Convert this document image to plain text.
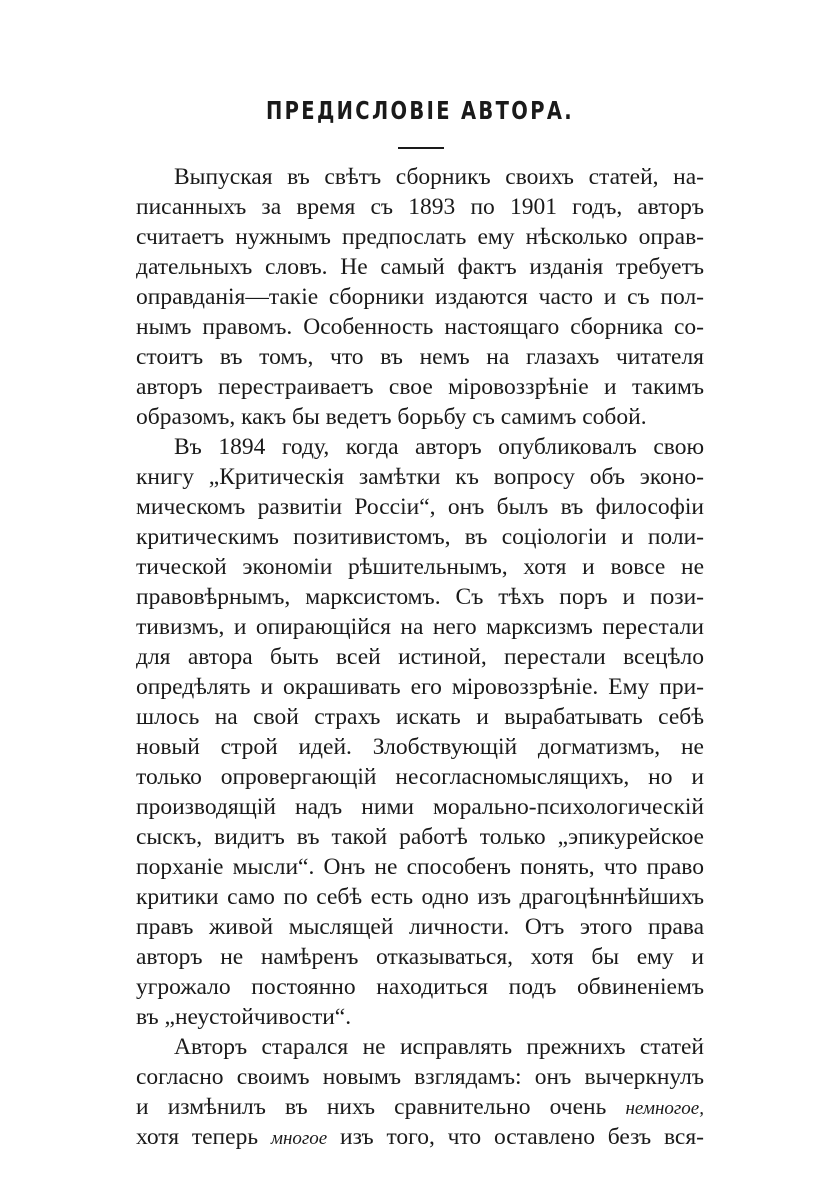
ПРЕДИСЛОВІЕ АВТОРА.
Выпуская въ свѣтъ сборникъ своихъ статей, на-
писанныхъ за время съ 1893 по 1901 годъ, авторъ
считаетъ нужнымъ предпослать ему нѣсколько оправ-
дательныхъ словъ. Не самый фактъ изданія требуетъ
оправданія—такіе сборники издаются часто и съ пол-
нымъ правомъ. Особенность настоящаго сборника со-
стоитъ въ томъ, что въ немъ на глазахъ читателя
авторъ перестраиваетъ свое міровоззрѣніе и такимъ
образомъ, какъ бы ведетъ борьбу съ самимъ собой.
Въ 1894 году, когда авторъ опубликовалъ свою
книгу „Критическія замѣтки къ вопросу объ эконо-
мическомъ развитіи Россіи“, онъ былъ въ философіи
критическимъ позитивистомъ, въ соціологіи и поли-
тической экономіи рѣшительнымъ, хотя и вовсе не
правовѣрнымъ, марксистомъ. Съ тѣхъ поръ и пози-
тивизмъ, и опирающійся на него марксизмъ перестали
для автора быть всей истиной, перестали всецѣло
опредѣлять и окрашивать его міровоззрѣніе. Ему при-
шлось на свой страхъ искать и вырабатывать себѣ
новый строй идей. Злобствующій догматизмъ, не
только опровергающій несогласномыслящихъ, но и
производящій надъ ними морально-психологическій
сыскъ, видитъ въ такой работѣ только „эпикурейское
порханіе мысли“. Онъ не способенъ понять, что право
критики само по себѣ есть одно изъ драгоцѣннѣйшихъ
правъ живой мыслящей личности. Отъ этого права
авторъ не намѣренъ отказываться, хотя бы ему и
угрожало постоянно находиться подъ обвиненіемъ
въ „неустойчивости“.
Авторъ старался не исправлять прежнихъ статей
согласно своимъ новымъ взглядамъ: онъ вычеркнулъ
и измѣнилъ въ нихъ сравнительно очень немногое,
хотя теперь многое изъ того, что оставлено безъ вся-
